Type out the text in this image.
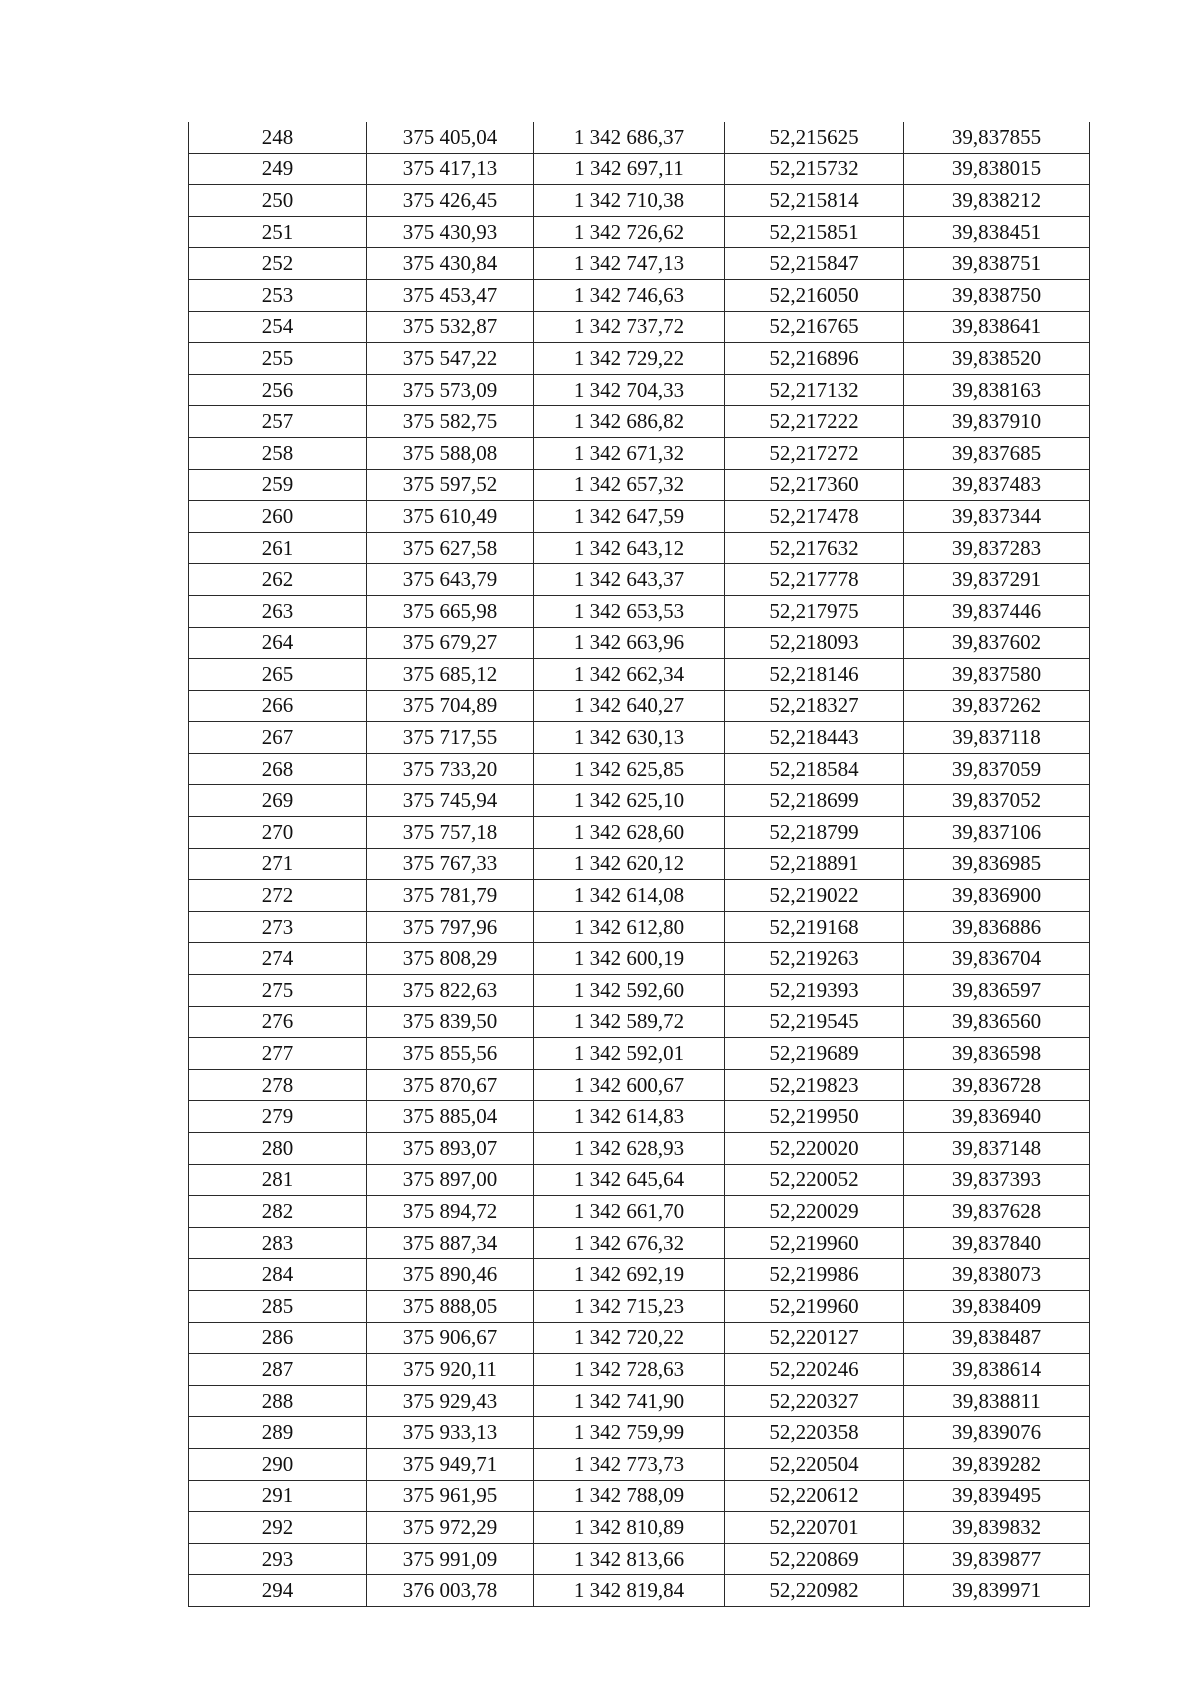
248	375 405,04	1 342 686,37	52,215625	39,837855
249	375 417,13	1 342 697,11	52,215732	39,838015
250	375 426,45	1 342 710,38	52,215814	39,838212
251	375 430,93	1 342 726,62	52,215851	39,838451
252	375 430,84	1 342 747,13	52,215847	39,838751
253	375 453,47	1 342 746,63	52,216050	39,838750
254	375 532,87	1 342 737,72	52,216765	39,838641
255	375 547,22	1 342 729,22	52,216896	39,838520
256	375 573,09	1 342 704,33	52,217132	39,838163
257	375 582,75	1 342 686,82	52,217222	39,837910
258	375 588,08	1 342 671,32	52,217272	39,837685
259	375 597,52	1 342 657,32	52,217360	39,837483
260	375 610,49	1 342 647,59	52,217478	39,837344
261	375 627,58	1 342 643,12	52,217632	39,837283
262	375 643,79	1 342 643,37	52,217778	39,837291
263	375 665,98	1 342 653,53	52,217975	39,837446
264	375 679,27	1 342 663,96	52,218093	39,837602
265	375 685,12	1 342 662,34	52,218146	39,837580
266	375 704,89	1 342 640,27	52,218327	39,837262
267	375 717,55	1 342 630,13	52,218443	39,837118
268	375 733,20	1 342 625,85	52,218584	39,837059
269	375 745,94	1 342 625,10	52,218699	39,837052
270	375 757,18	1 342 628,60	52,218799	39,837106
271	375 767,33	1 342 620,12	52,218891	39,836985
272	375 781,79	1 342 614,08	52,219022	39,836900
273	375 797,96	1 342 612,80	52,219168	39,836886
274	375 808,29	1 342 600,19	52,219263	39,836704
275	375 822,63	1 342 592,60	52,219393	39,836597
276	375 839,50	1 342 589,72	52,219545	39,836560
277	375 855,56	1 342 592,01	52,219689	39,836598
278	375 870,67	1 342 600,67	52,219823	39,836728
279	375 885,04	1 342 614,83	52,219950	39,836940
280	375 893,07	1 342 628,93	52,220020	39,837148
281	375 897,00	1 342 645,64	52,220052	39,837393
282	375 894,72	1 342 661,70	52,220029	39,837628
283	375 887,34	1 342 676,32	52,219960	39,837840
284	375 890,46	1 342 692,19	52,219986	39,838073
285	375 888,05	1 342 715,23	52,219960	39,838409
286	375 906,67	1 342 720,22	52,220127	39,838487
287	375 920,11	1 342 728,63	52,220246	39,838614
288	375 929,43	1 342 741,90	52,220327	39,838811
289	375 933,13	1 342 759,99	52,220358	39,839076
290	375 949,71	1 342 773,73	52,220504	39,839282
291	375 961,95	1 342 788,09	52,220612	39,839495
292	375 972,29	1 342 810,89	52,220701	39,839832
293	375 991,09	1 342 813,66	52,220869	39,839877
294	376 003,78	1 342 819,84	52,220982	39,839971
